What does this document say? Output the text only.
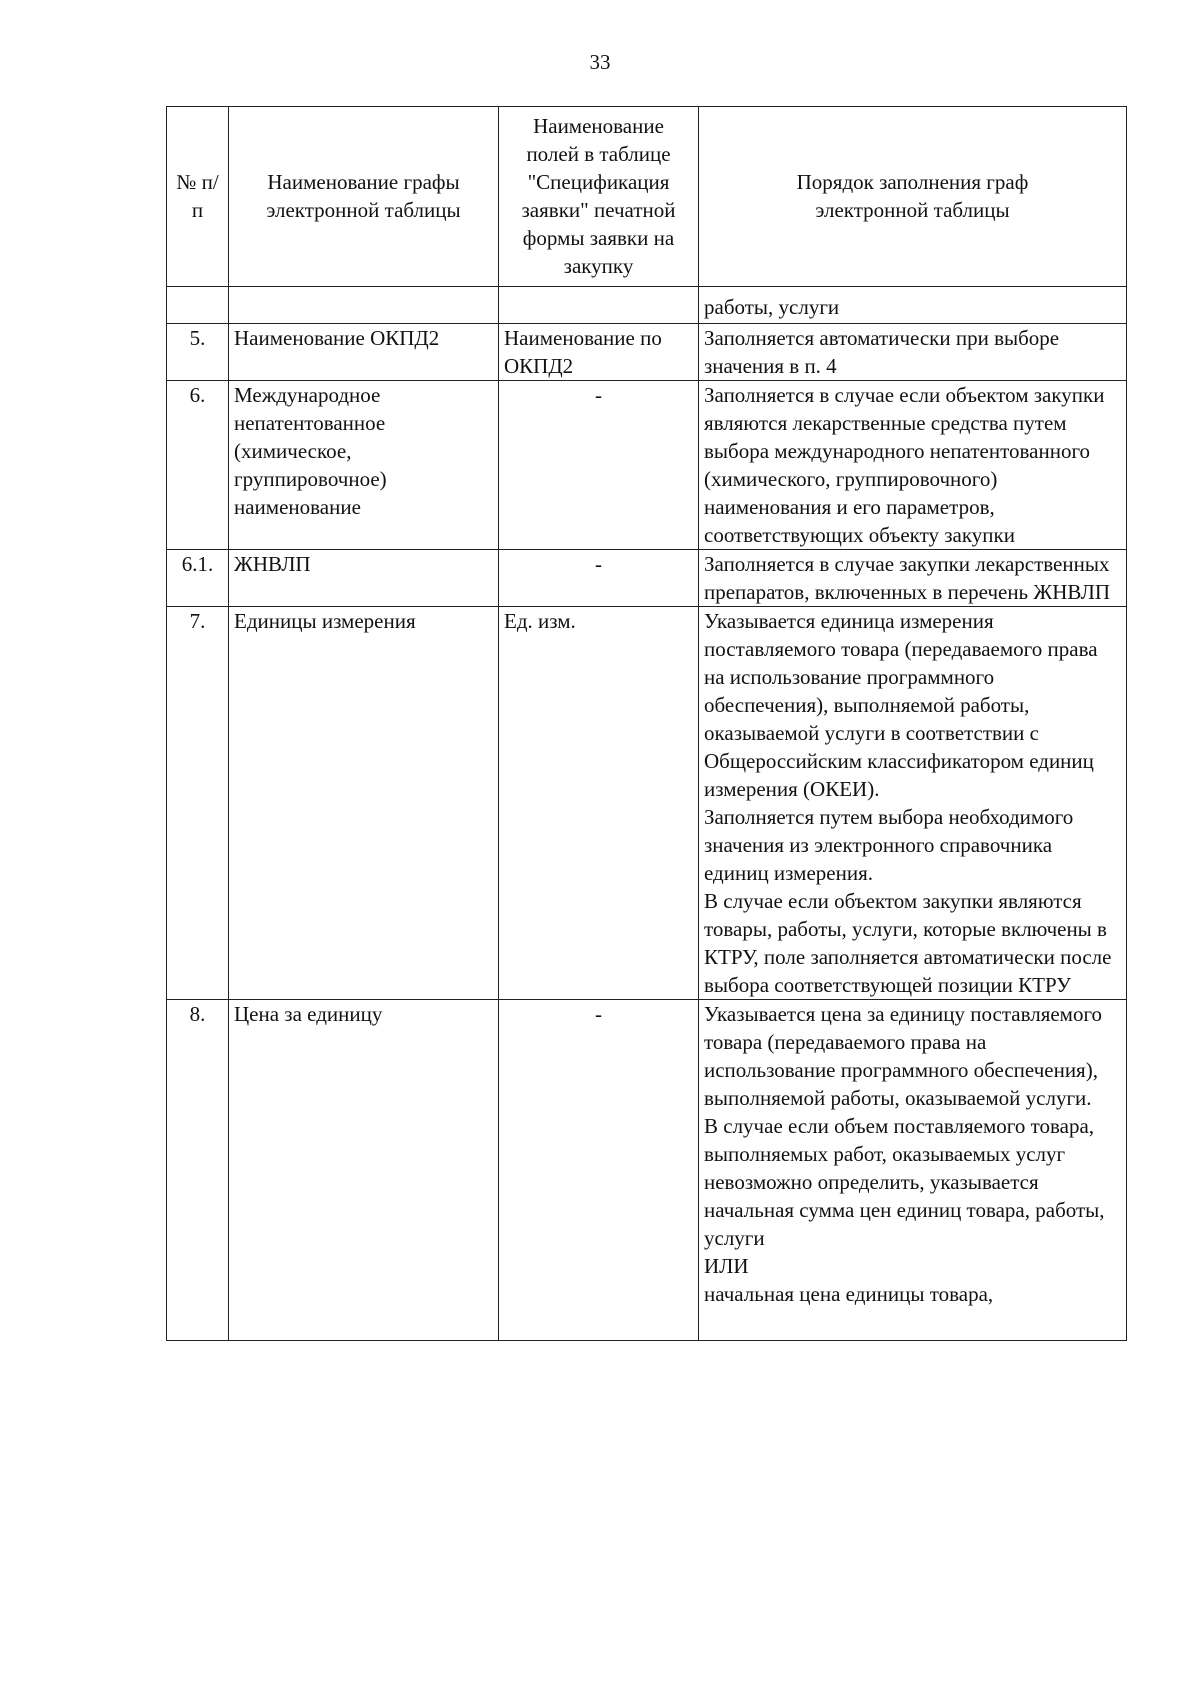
33
№ п/п	Наименование графы электронной таблицы	Наименование полей в таблице "Спецификация заявки" печатной формы заявки на закупку	Порядок заполнения граф электронной таблицы
			работы, услуги
5.	Наименование ОКПД2	Наименование по ОКПД2	Заполняется автоматически при выборе значения в п. 4

6.	Международное непатентованное (химическое, группировочное) наименование	-	Заполняется в случае если объектом закупки являются лекарственные средства путем выбора международного непатентованного (химического, группировочного) наименования и его параметров, соответствующих объекту закупки

6.1.	ЖНВЛП	-	Заполняется в случае закупки лекарственных препаратов, включенных в перечень ЖНВЛП

7.	Единицы измерения	Ед. изм.	Указывается единица измерения поставляемого товара (передаваемого права на использование программного обеспечения), выполняемой работы, оказываемой услуги в соответствии с Общероссийским классификатором единиц измерения (ОКЕИ).
Заполняется путем выбора необходимого значения из электронного справочника единиц измерения.
В случае если объектом закупки являются товары, работы, услуги, которые включены в КТРУ, поле заполняется автоматически после выбора соответствующей позиции КТРУ

8.	Цена за единицу	-	Указывается цена за единицу поставляемого товара (передаваемого права на использование программного обеспечения), выполняемой работы, оказываемой услуги.
В случае если объем поставляемого товара, выполняемых работ, оказываемых услуг невозможно определить, указывается начальная сумма цен единиц товара, работы, услуги
ИЛИ
начальная цена единицы товара,
